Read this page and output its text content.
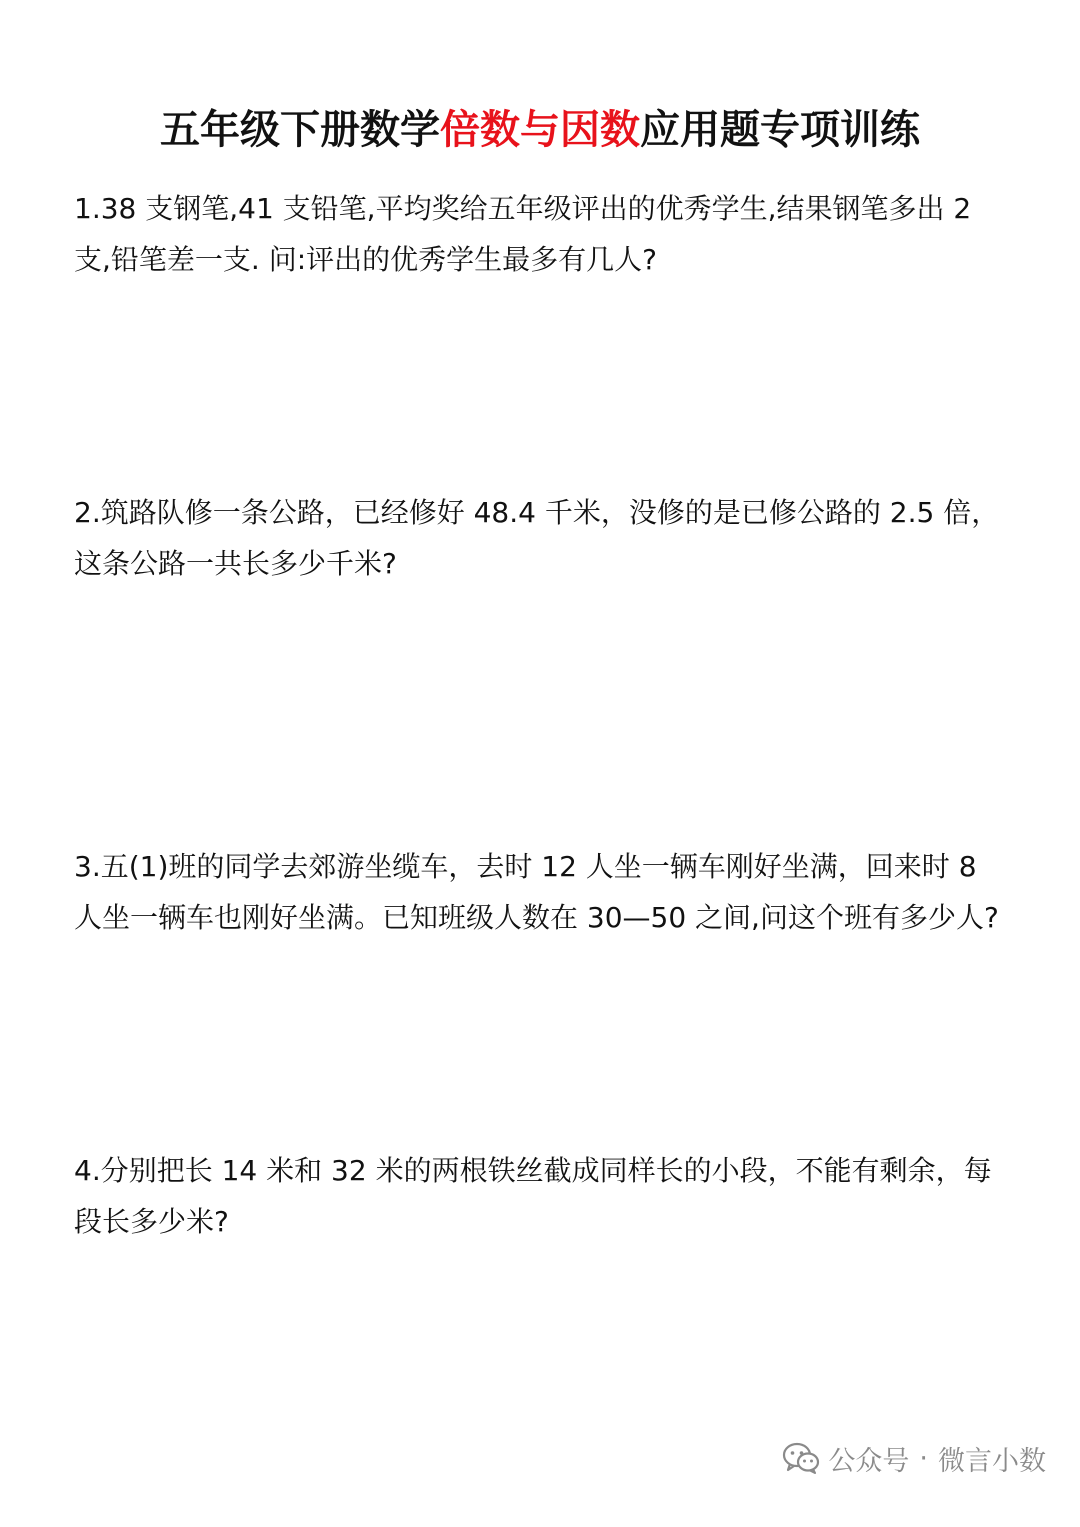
五年级下册数学倍数与因数应用题专项训练
1.38 支钢笔,41 支铅笔,平均奖给五年级评出的优秀学生,结果钢笔多出 2
支,铅笔差一支. 问:评出的优秀学生最多有几人?
2.筑路队修一条公路，已经修好 48.4 千米，没修的是已修公路的 2.5 倍，
这条公路一共长多少千米?
3.五(1)班的同学去郊游坐缆车，去时 12 人坐一辆车刚好坐满，回来时 8
人坐一辆车也刚好坐满。已知班级人数在 30—50 之间,问这个班有多少人?
4.分别把长 14 米和 32 米的两根铁丝截成同样长的小段，不能有剩余，每
段长多少米?
公众号 · 微言小数
